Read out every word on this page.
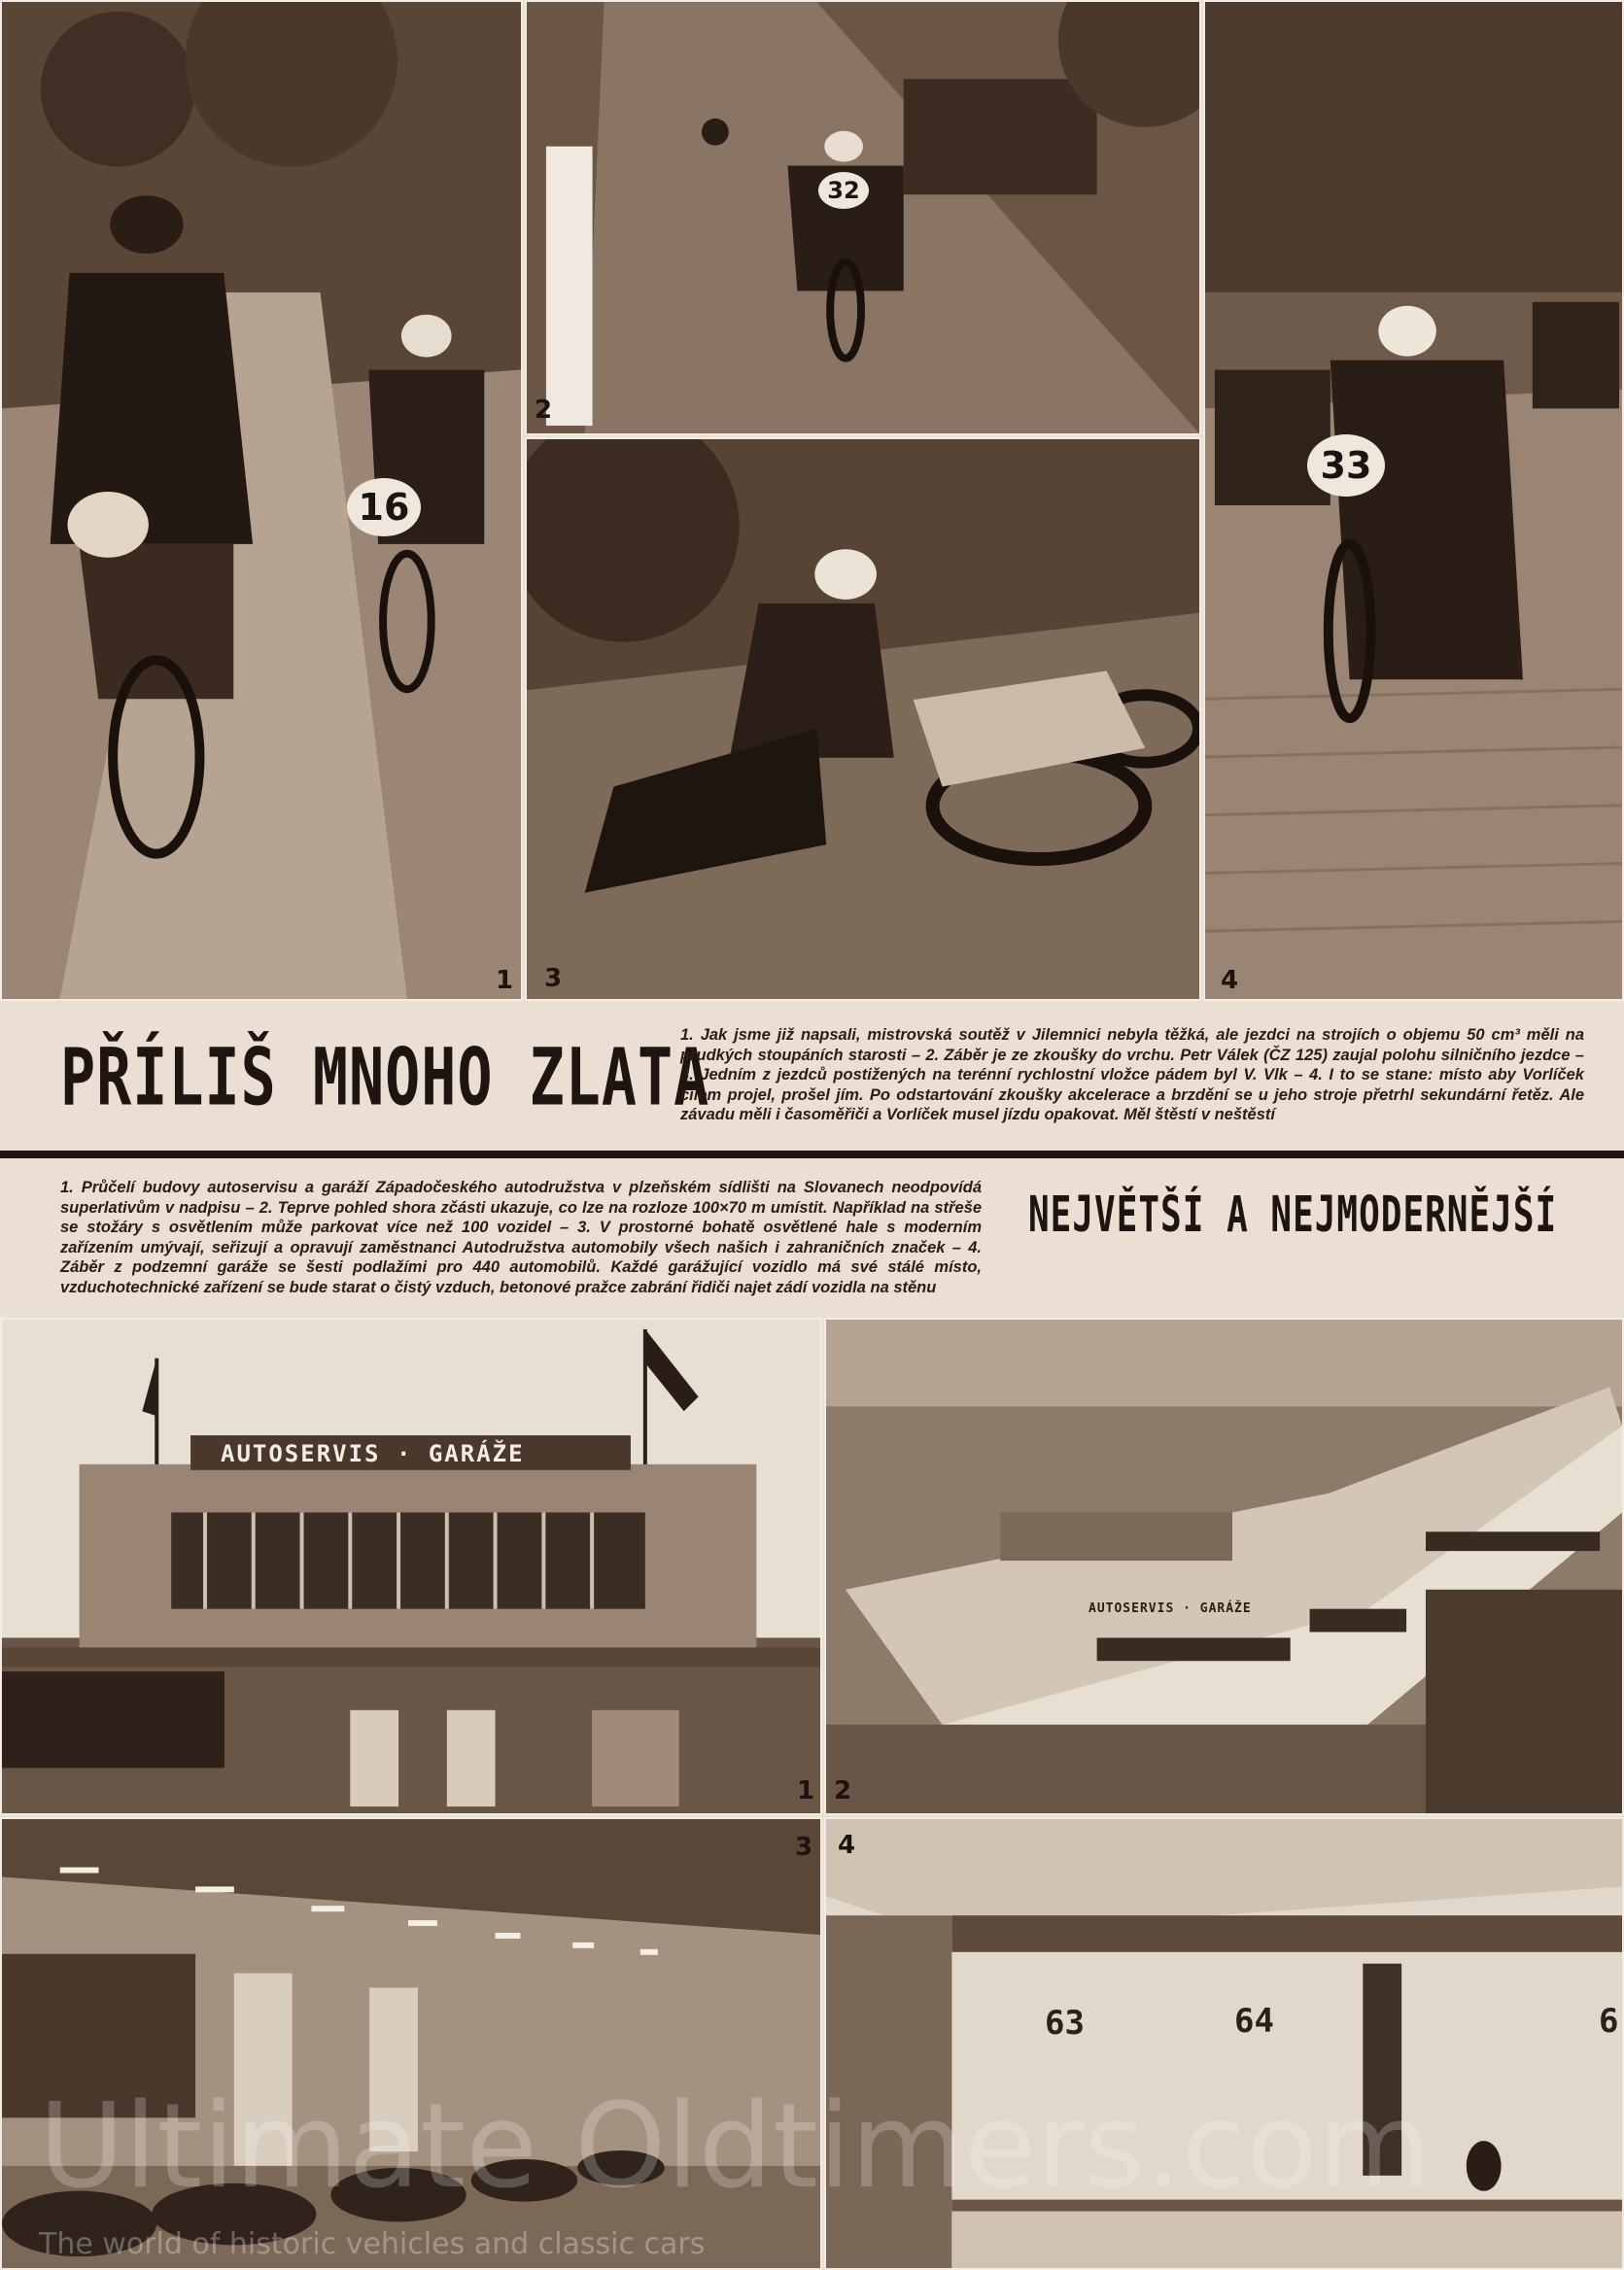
16
1
32
2
3
33
4
PŘÍLIŠ MNOHO ZLATA
1. Jak jsme již napsali, mistrovská soutěž v Jilemnici nebyla těžká, ale jezdci na strojích o objemu 50 cm³ měli na prudkých stoupáních starosti – 2. Záběr je ze zkoušky do vrchu. Petr Válek (ČZ 125) zaujal polohu silničního jezdce – 3. Jedním z jezdců postižených na terénní rychlostní vložce pádem byl V. Vlk – 4. I to se stane: místo aby Vorlíček cílem projel, prošel jím. Po odstartování zkoušky akcelerace a brzdění se u jeho stroje přetrhl sekundární řetěz. Ale závadu měli i časoměřiči a Vorlíček musel jízdu opakovat. Měl štěstí v neštěstí
1. Průčelí budovy autoservisu a garáží Západočeského autodružstva v plzeňském sídlišti na Slovanech neodpovídá superlativům v nadpisu – 2. Teprve pohled shora zčásti ukazuje, co lze na rozloze 100×70 m umístit. Například na střeše se stožáry s osvětlením může parkovat více než 100 vozidel – 3. V prostorné bohatě osvětlené hale s moderním zařízením umývají, seřizují a opravují zaměstnanci Autodružstva automobily všech našich i zahraničních značek – 4. Záběr z podzemní garáže se šesti podlažími pro 440 automobilů. Každé garážující vozidlo má své stálé místo, vzduchotechnické zařízení se bude starat o čistý vzduch, betonové pražce zabrání řidiči najet zádí vozidla na stěnu
NEJVĚTŠÍ A NEJMODERNĚJŠÍ
AUTOSERVIS · GARÁŽE
1
AUTOSERVIS · GARÁŽE
2
3
63	64	6
4
Ultimate Oldtimers.com
The world of historic vehicles and classic cars
